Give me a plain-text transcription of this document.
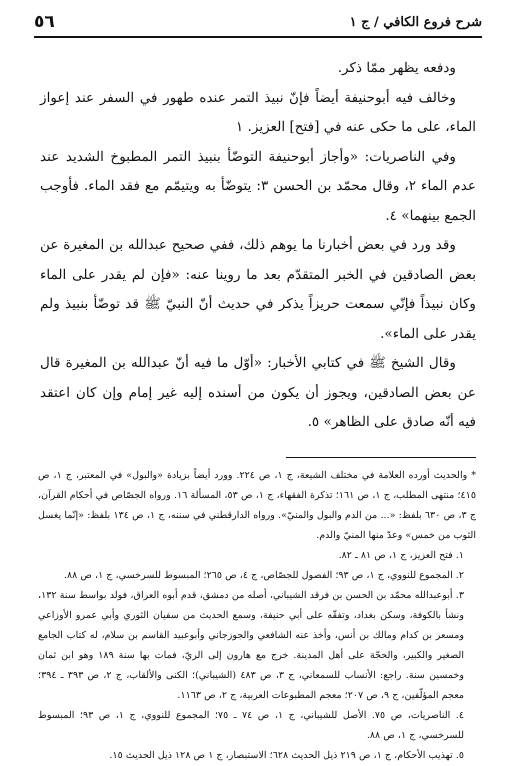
٥٦	شرح فروع الكافي / ج ١

ودفعه يظهر ممّا ذكر.

وخالف فيه أبوحنيفة أيضاً فإنّ نبيذ التمر عنده طهور في السفر عند إعواز الماء، على ما حكى عنه في [فتح] العزيز. ١

وفي الناصريات: «وأجاز أبوحنيفة التوضّأ بنبيذ التمر المطبوخ الشديد عند عدم الماء ٢، وقال محمّد بن الحسن ٣: يتوضّأ به ويتيمّم مع فقد الماء. فأوجب الجمع بينهما» ٤.

وقد ورد في بعض أخبارنا ما يوهم ذلك، ففي صحيح عبدالله بن المغيرة عن بعض الصادقين في الخبر المتقدّم بعد ما روينا عنه: «فإن لم يقدر على الماء وكان نبيذاً فإنّي سمعت حريزاً يذكر في حديث أنّ النبيّ ﷺ قد توضّأ بنبيذ ولم يقدر على الماء».

وقال الشيخ ﷺ في كتابي الأخبار: «أوّل ما فيه أنّ عبدالله بن المغيرة قال عن بعض الصادقين، ويجوز أن يكون من أسنده إليه غير إمام وإن كان اعتقد فيه أنّه صادق على الظاهر» ٥.

* والحديث أورده العلامة في مختلف الشيعة، ج ١، ص ٢٢٤. وورد أيضاً بزيادة «والبول» في المعتبر، ج ١، ص ٤١٥؛ منتهى المطلب، ج ١، ص ١٦١؛ تذكرة الفقهاء، ج ١، ص ٥٣، المسألة ١٦. ورواه الجصّاص في أحكام القرآن، ج ٣، ص ٦٣٠ بلفظ: «... من الدم والبول والمنيّ». ورواه الدارقطني في سننه، ج ١، ص ١٣٤ بلفظ: «إنّما يغسل الثوب من خمس» وعدّ منها المنيّ والدم.

١. فتح العزيز، ج ١، ص ٨١ ـ ٨٢.

٢. المجموع للنووي، ج ١، ص ٩٣؛ الفصول للجصّاص، ج ٤، ص ٢٦٥؛ المبسوط للسرخسي، ج ١، ص ٨٨.

٣. أبوعبدالله محمّد بن الحسن بن فرقد الشيباني، أصله من دمشق، قدم أبوه العراق، فولد بواسط سنة ١٣٢، ونشأ بالكوفة، وسكن بغداد، وتفقّه على أبي حنيفة، وسمع الحديث من سفيان الثوري وأبي عمرو الأوزاعي ومسعر بن كدام ومالك بن أنس، وأخذ عنه الشافعي والجوزجاني وأبوعبيد القاسم بن سلام، له كتاب الجامع الصغير والكبير، والحجّة على أهل المدينة. خرج مع هارون إلى الريّ، فمات بها سنة ١٨٩ وهو ابن ثمان وخمسين سنة. راجع: الأنساب للسمعاني، ج ٣، ص ٤٨٣ (الشيباني)؛ الكنى والألقاب، ج ٢، ص ٣٩٣ ـ ٣٩٤؛ معجم المؤلّفين، ج ٩، ص ٢٠٧؛ معجم المطبوعات العربية، ج ٢، ص ١١٦٣.

٤. الناصريات، ص ٧٥. الأصل للشيباني، ج ١، ص ٧٤ ـ ٧٥؛ المجموع للنووي، ج ١، ص ٩٣؛ المبسوط للسرخسي، ج ١، ص ٨٨.

٥. تهذيب الأحكام، ج ١، ص ٢١٩ ذيل الحديث ٦٢٨؛ الاستبصار، ج ١ ص ١٢٨ ذيل الحديث ١٥.
